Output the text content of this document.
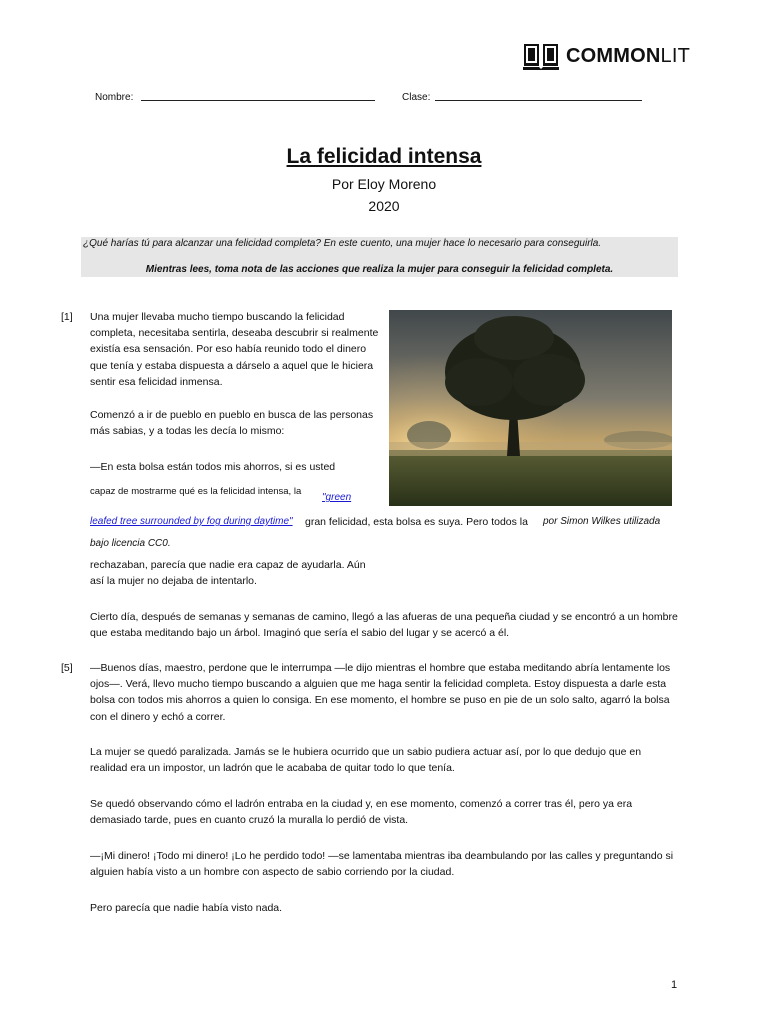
COMMONLIT
Nombre:	Clase:
La felicidad intensa
Por Eloy Moreno
2020
¿Qué harías tú para alcanzar una felicidad completa? En este cuento, una mujer hace lo necesario para conseguirla.
Mientras lees, toma nota de las acciones que realiza la mujer para conseguir la felicidad completa.
[1] Una mujer llevaba mucho tiempo buscando la felicidad completa, necesitaba sentirla, deseaba descubrir si realmente existía esa sensación. Por eso había reunido todo el dinero que tenía y estaba dispuesta a dárselo a aquel que le hiciera sentir esa felicidad inmensa.
Comenzó a ir de pueblo en pueblo en busca de las personas más sabias, y a todas les decía lo mismo:
—En esta bolsa están todos mis ahorros, si es usted
capaz de mostrarme qué es la felicidad intensa, la
"green
leafed tree surrounded by fog during daytime" gran felicidad, esta bolsa es suya. Pero todos la por Simon Wilkes utilizada
bajo licencia CC0.
rechazaban, parecía que nadie era capaz de ayudarla. Aún así la mujer no dejaba de intentarlo.
Cierto día, después de semanas y semanas de camino, llegó a las afueras de una pequeña ciudad y se encontró a un hombre que estaba meditando bajo un árbol. Imaginó que sería el sabio del lugar y se acercó a él.
[5] —Buenos días, maestro, perdone que le interrumpa —le dijo mientras el hombre que estaba meditando abría lentamente los ojos—. Verá, llevo mucho tiempo buscando a alguien que me haga sentir la felicidad completa. Estoy dispuesta a darle esta bolsa con todos mis ahorros a quien lo consiga. En ese momento, el hombre se puso en pie de un solo salto, agarró la bolsa con el dinero y echó a correr.
La mujer se quedó paralizada. Jamás se le hubiera ocurrido que un sabio pudiera actuar así, por lo que dedujo que en realidad era un impostor, un ladrón que le acababa de quitar todo lo que tenía.
Se quedó observando cómo el ladrón entraba en la ciudad y, en ese momento, comenzó a correr tras él, pero ya era demasiado tarde, pues en cuanto cruzó la muralla lo perdió de vista.
—¡Mi dinero! ¡Todo mi dinero! ¡Lo he perdido todo! —se lamentaba mientras iba deambulando por las calles y preguntando si alguien había visto a un hombre con aspecto de sabio corriendo por la ciudad.
Pero parecía que nadie había visto nada.
1
